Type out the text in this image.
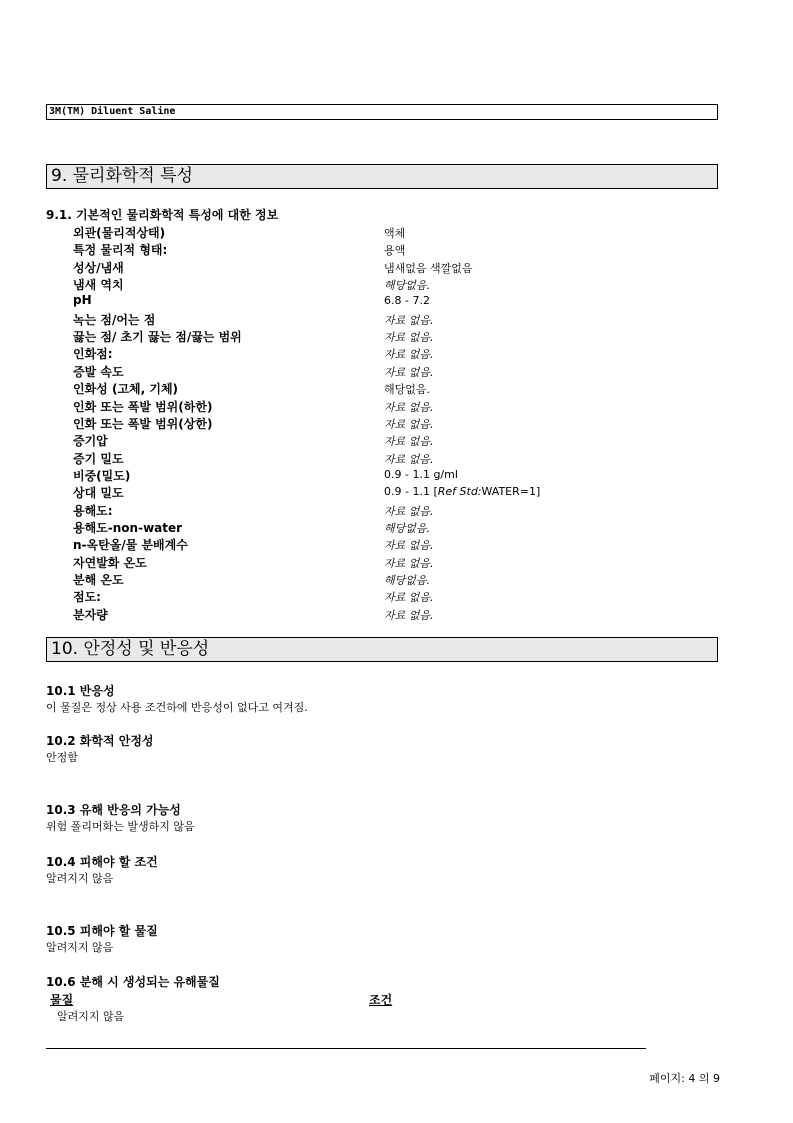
3M(TM) Diluent Saline
9. 물리화학적 특성
9.1. 기본적인 물리화학적 특성에 대한 정보
외관(물리적상태)	액체
특정 물리적 형태:	용액
성상/냄새	냄새없음 색깔없음
냄새 역치	해당없음.
pH	6.8 - 7.2
녹는 점/어는 점	자료 없음.
끓는 점/ 초기 끓는 점/끓는 범위	자료 없음.
인화점:	자료 없음.
증발 속도	자료 없음.
인화성 (고체, 기체)	해당없음.
인화 또는 폭발 범위(하한)	자료 없음.
인화 또는 폭발 범위(상한)	자료 없음.
증기압	자료 없음.
증기 밀도	자료 없음.
비중(밀도)	0.9 - 1.1 g/ml
상대 밀도	0.9 - 1.1 [Ref Std:WATER=1]
용해도:	자료 없음.
용해도-non-water	해당없음.
n-옥탄올/물 분배계수	자료 없음.
자연발화 온도	자료 없음.
분해 온도	해당없음.
점도:	자료 없음.
분자량	자료 없음.
10. 안정성 및 반응성
10.1 반응성
이 물질은 정상 사용 조건하에 반응성이 없다고 여겨짐.
10.2 화학적 안정성
안정함
10.3 유해 반응의 가능성
위험 폴리머화는 발생하지 않음
10.4 피해야 할 조건
알려지지 않음
10.5 피해야 할 물질
알려지지 않음
10.6 분해 시 생성되는 유해물질
물질	조건
알려지지 않음
페이지: 4 의 9
